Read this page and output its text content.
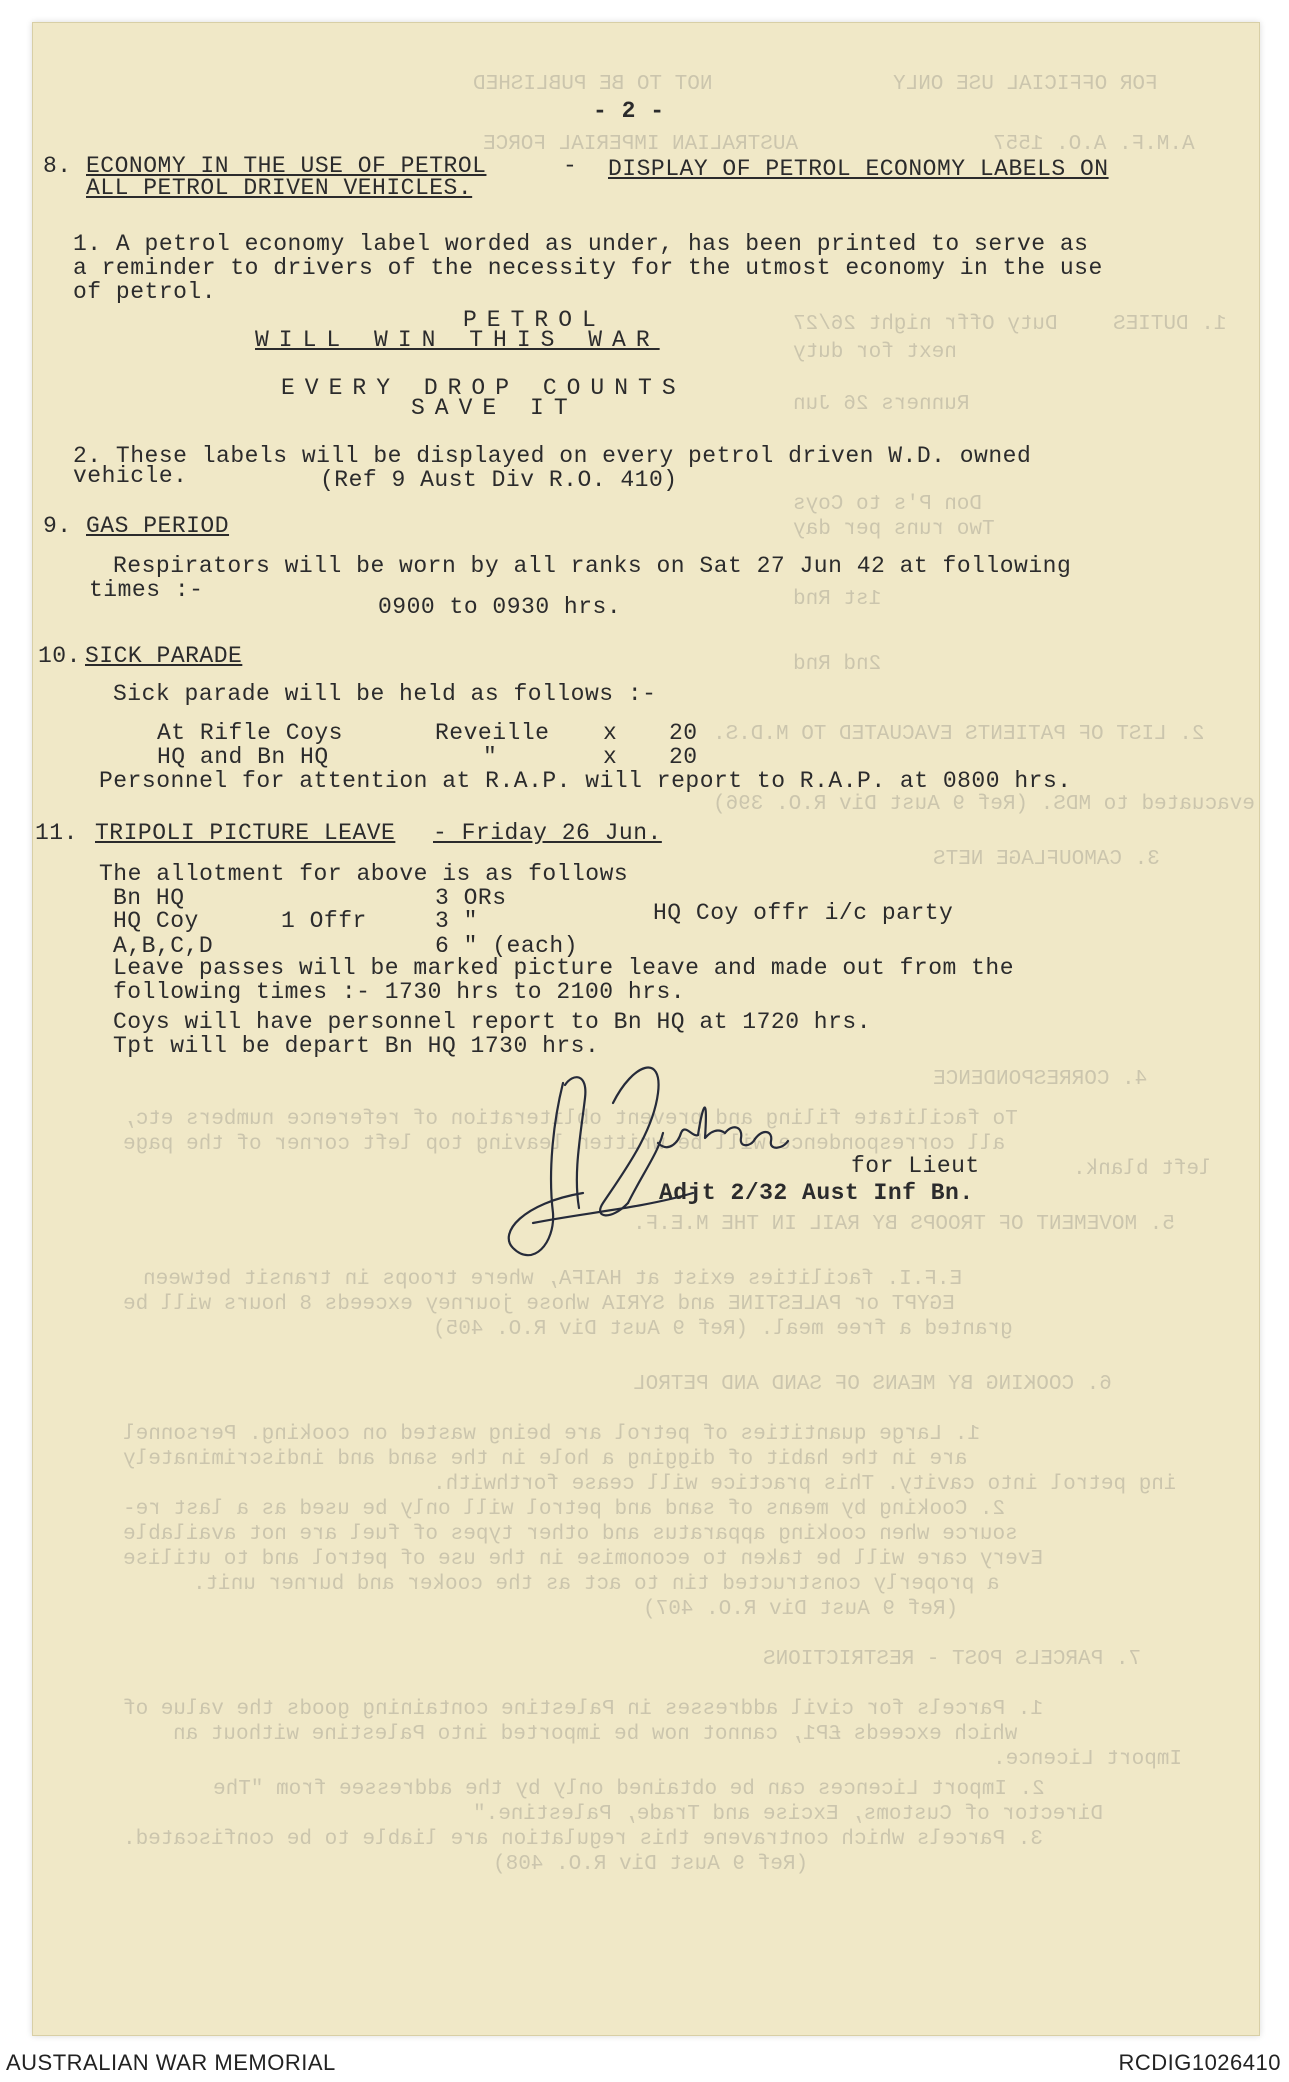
FOR OFFICIAL USE ONLY
NOT TO BE PUBLISHED
A.M.F. A.O. 1557
AUSTRALIAN IMPERIAL FORCE
1. DUTIES
Duty Offr night 26/27
next for duty
Runners 26 Jun
Don P's to Coys
Two runs per day
1st Rnd
2nd Rnd
2. LIST OF PATIENTS EVACUATED TO M.D.S.
evacuated to MDS. (Ref 9 Aust Div R.O. 396)
3. CAMOUFLAGE NETS
4. CORRESPONDENCE
To facilitate filing and prevent obliteration of reference numbers etc,
all correspondence will be written leaving top left corner of the page
left blank.
5. MOVEMENT OF TROOPS BY RAIL IN THE M.E.F.
E.F.I. facilities exist at HAIFA, where troops in transit between
EGYPT or PALESTINE and SYRIA whose journey exceeds 8 hours will be
granted a free meal. (Ref 9 Aust Div R.O. 405)
6. COOKING BY MEANS OF SAND AND PETROL
1. Large quantities of petrol are being wasted on cooking. Personnel
are in the habit of digging a hole in the sand and indiscriminately
ing petrol into cavity. This practice will cease forthwith.
2. Cooking by means of sand and petrol will only be used as a last re-
source when cooking apparatus and other types of fuel are not available
Every care will be taken to economise in the use of petrol and to utilise
a properly constructed tin to act as the cooker and burner unit.
(Ref 9 Aust Div R.O. 407)
7. PARCELS POST - RESTRICTIONS
1. Parcels for civil addresses in Palestine containing goods the value of
which exceeds £P1, cannot now be imported into Palestine without an
Import Licence.
2. Import Licences can be obtained only by the addressee from "The
Director of Customs, Excise and Trade, Palestine."
3. Parcels which contravene this regulation are liable to be confiscated.
(Ref 9 Aust Div R.O. 408)
- 2 -
8. ECONOMY IN THE USE OF PETROL	- DISPLAY OF PETROL ECONOMY LABELS ON
ALL PETROL DRIVEN VEHICLES.
1. A petrol economy label worded as under, has been printed to serve as
a reminder to drivers of the necessity for the utmost economy in the use
of petrol.
PETROL
WILL WIN THIS WAR
EVERY DROP COUNTS
SAVE IT
2. These labels will be displayed on every petrol driven W.D. owned
vehicle.	(Ref 9 Aust Div R.O. 410)
9. GAS PERIOD
Respirators will be worn by all ranks on Sat 27 Jun 42 at following
times :-
0900 to 0930 hrs.
10. SICK PARADE
Sick parade will be held as follows :-
At Rifle Coys	Reveille x 20
HQ and Bn HQ	"	x 20
Personnel for attention at R.A.P. will report to R.A.P. at 0800 hrs.
11. TRIPOLI PICTURE LEAVE - Friday 26 Jun.
The allotment for above is as follows
Bn HQ	3 ORs
HQ Coy	1 Offr	3 "	HQ Coy offr i/c party
A,B,C,D	6 " (each)
Leave passes will be marked picture leave and made out from the
following times :- 1730 hrs to 2100 hrs.
Coys will have personnel report to Bn HQ at 1720 hrs.
Tpt will be depart Bn HQ 1730 hrs.
for Lieut
Adjt 2/32 Aust Inf Bn.
AUSTRALIAN WAR MEMORIAL	RCDIG1026410
